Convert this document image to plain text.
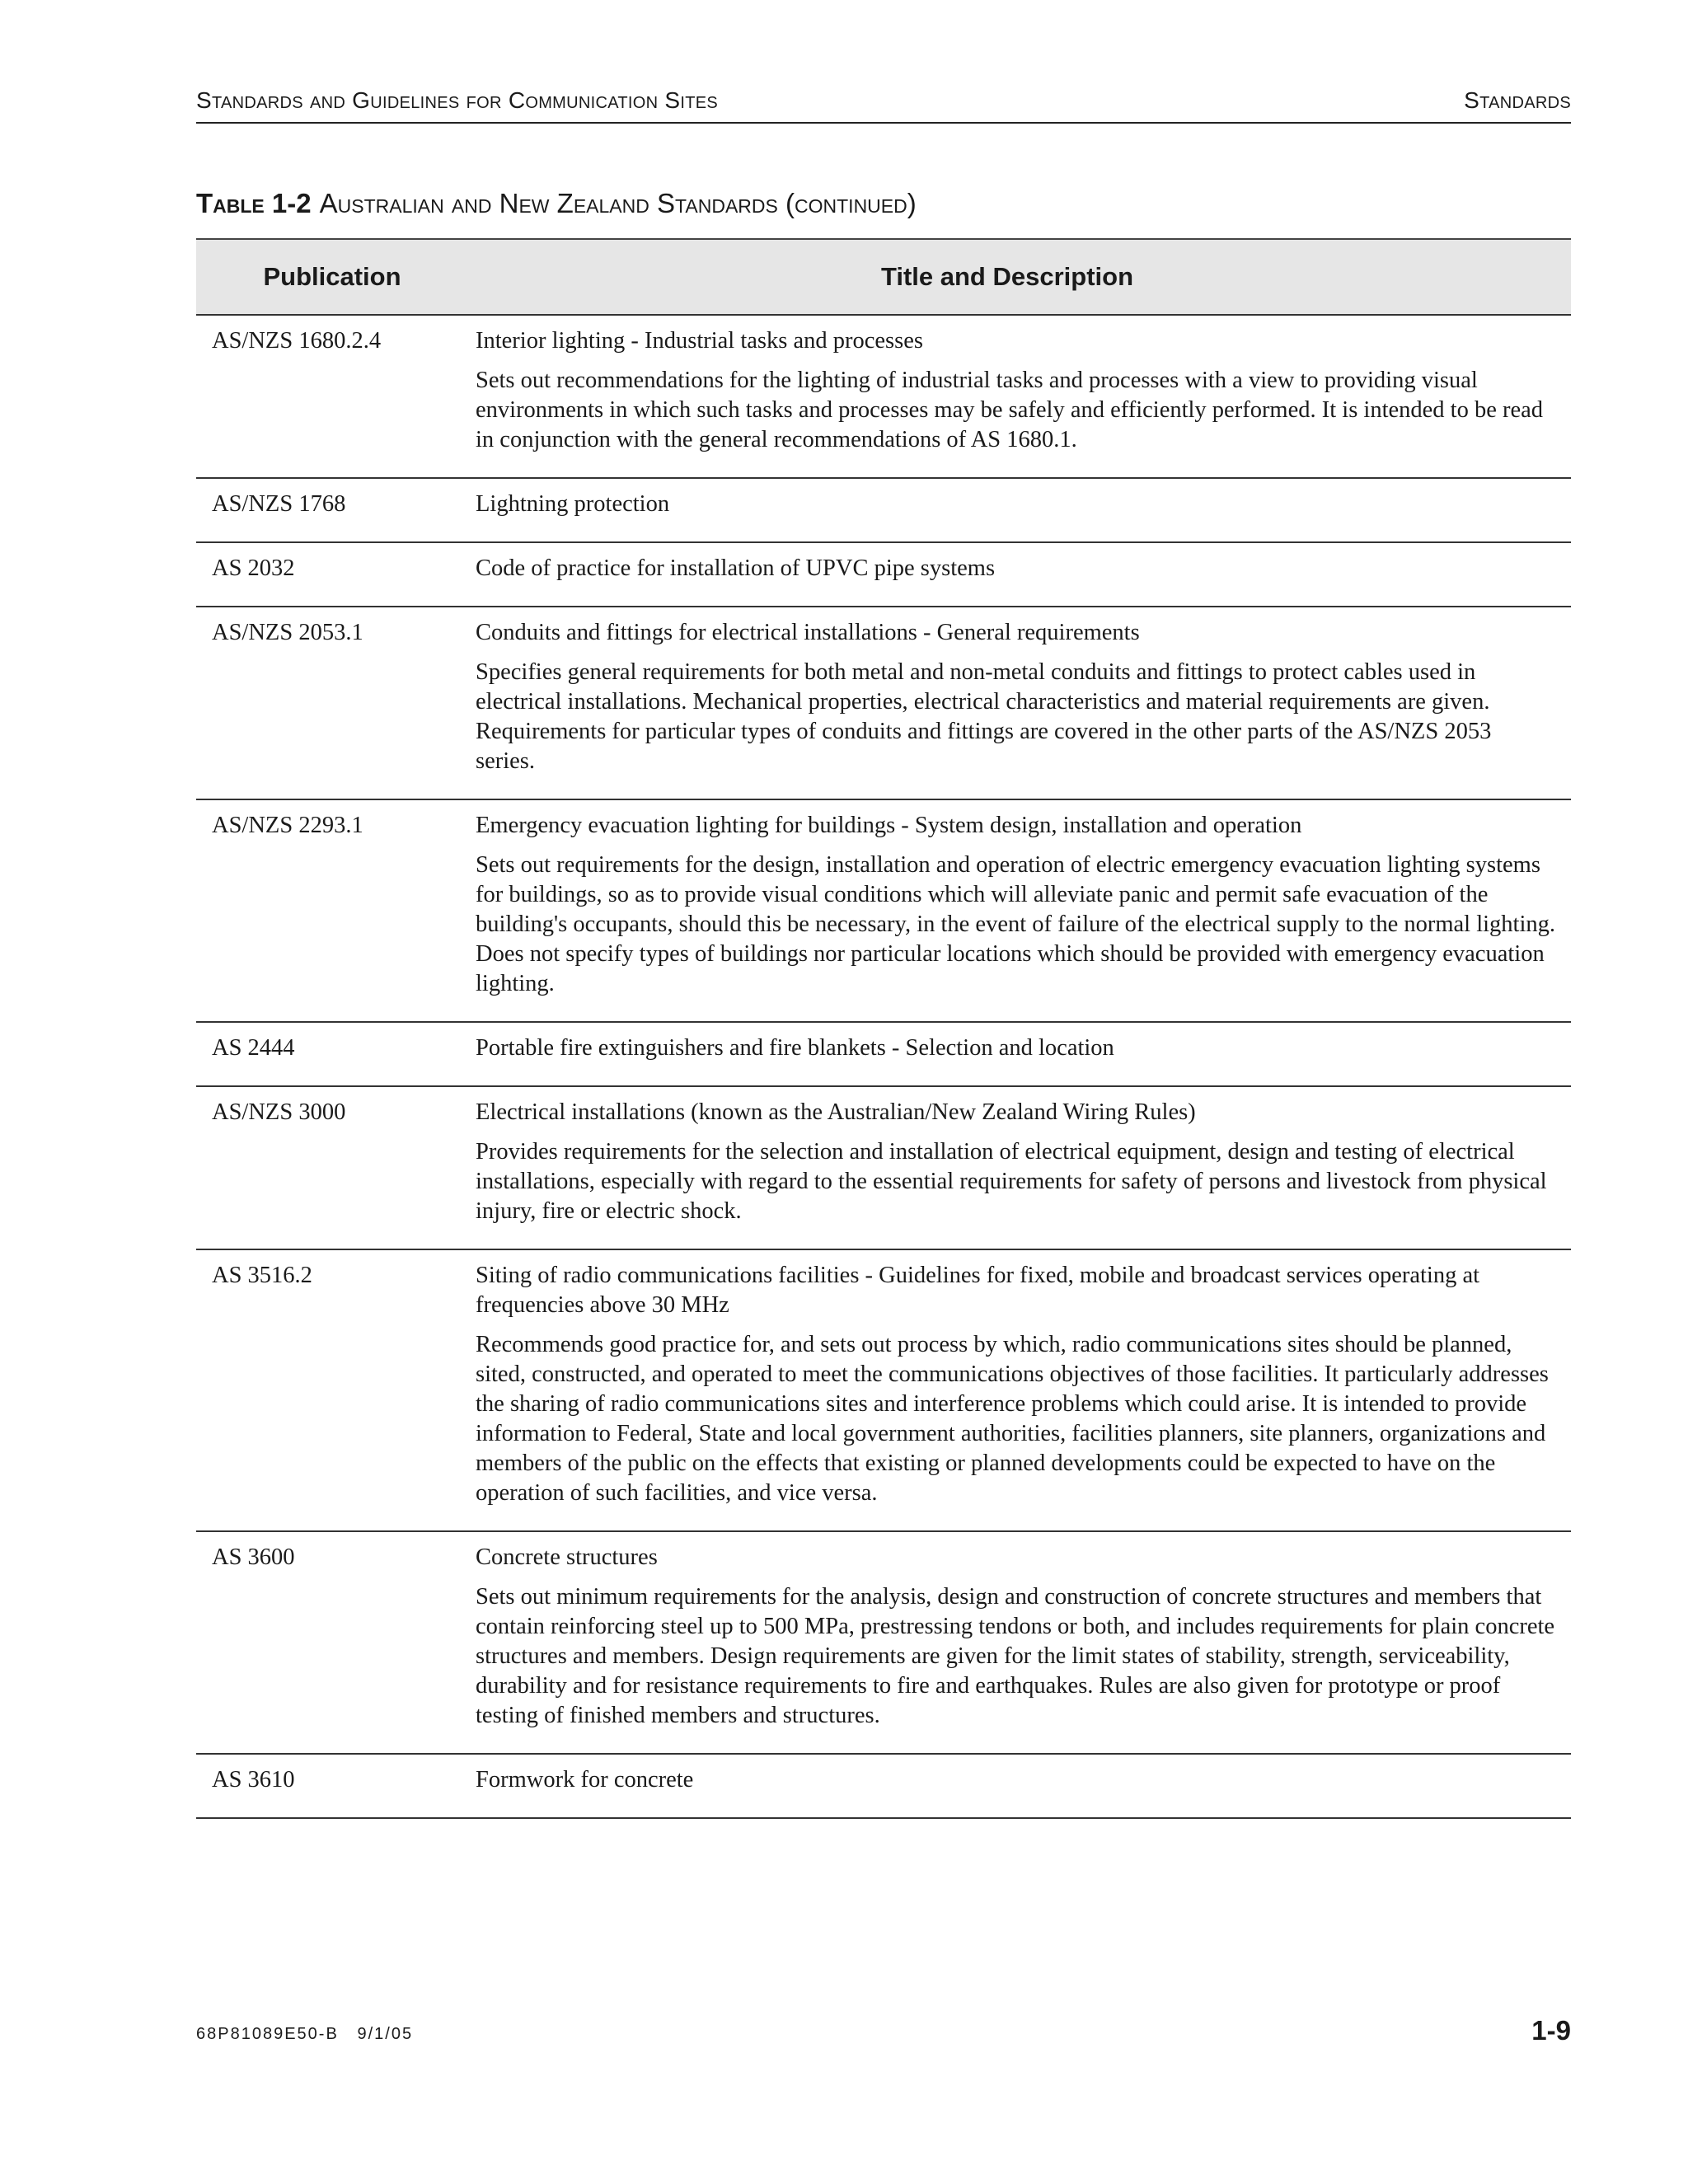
Standards and Guidelines for Communication Sites	Standards
Table 1-2 Australian and New Zealand Standards (continued)
Publication	Title and Description
AS/NZS 1680.2.4	Interior lighting - Industrial tasks and processes
Sets out recommendations for the lighting of industrial tasks and processes with a view to providing visual environments in which such tasks and processes may be safely and efficiently performed. It is intended to be read in conjunction with the general recommendations of AS 1680.1.

AS/NZS 1768	Lightning protection

AS 2032	Code of practice for installation of UPVC pipe systems

AS/NZS 2053.1	Conduits and fittings for electrical installations - General requirements
Specifies general requirements for both metal and non-metal conduits and fittings to protect cables used in electrical installations. Mechanical properties, electrical characteristics and material requirements are given. Requirements for particular types of conduits and fittings are covered in the other parts of the AS/NZS 2053 series.

AS/NZS 2293.1	Emergency evacuation lighting for buildings - System design, installation and operation
Sets out requirements for the design, installation and operation of electric emergency evacuation lighting systems for buildings, so as to provide visual conditions which will alleviate panic and permit safe evacuation of the building's occupants, should this be necessary, in the event of failure of the electrical supply to the normal lighting. Does not specify types of buildings nor particular locations which should be provided with emergency evacuation lighting.

AS 2444	Portable fire extinguishers and fire blankets - Selection and location

AS/NZS 3000	Electrical installations (known as the Australian/New Zealand Wiring Rules)
Provides requirements for the selection and installation of electrical equipment, design and testing of electrical installations, especially with regard to the essential requirements for safety of persons and livestock from physical injury, fire or electric shock.

AS 3516.2	Siting of radio communications facilities - Guidelines for fixed, mobile and broadcast services operating at frequencies above 30 MHz
Recommends good practice for, and sets out process by which, radio communications sites should be planned, sited, constructed, and operated to meet the communications objectives of those facilities. It particularly addresses the sharing of radio communications sites and interference problems which could arise. It is intended to provide information to Federal, State and local government authorities, facilities planners, site planners, organizations and members of the public on the effects that existing or planned developments could be expected to have on the operation of such facilities, and vice versa.

AS 3600	Concrete structures
Sets out minimum requirements for the analysis, design and construction of concrete structures and members that contain reinforcing steel up to 500 MPa, prestressing tendons or both, and includes requirements for plain concrete structures and members. Design requirements are given for the limit states of stability, strength, serviceability, durability and for resistance requirements to fire and earthquakes. Rules are also given for prototype or proof testing of finished members and structures.

AS 3610	Formwork for concrete
68P81089E50-B   9/1/05	1-9
